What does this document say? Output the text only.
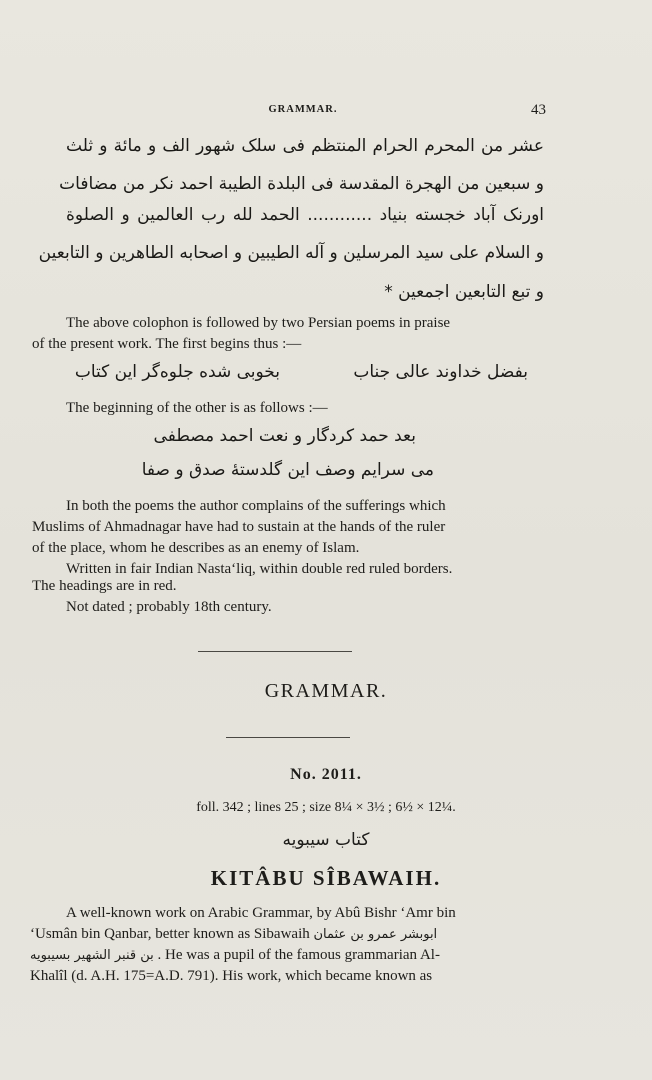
GRAMMAR.	43
عشر من المحرم الحرام المنتظم فی سلک شهور الف و مائة و ثلث
و سبعین من الهجرة المقدسة فی البلدة الطیبة احمد نکر من مضافات
اورنک آباد خجسته بنیاد ............ الحمد لله رب العالمین و الصلوة
و السلام علی سید المرسلین و آله الطیبین و اصحابه الطاهرین و التابعین
و تبع التابعین اجمعین *
The above colophon is followed by two Persian poems in praise
of the present work. The first begins thus :—
بفضل خداوند عالی جناب
بخوبی شده جلوه‌گر این کتاب
The beginning of the other is as follows :—
بعد حمد کردگار و نعت احمد مصطفی
می سرایم وصف این گلدستهٔ صدق و صفا
In both the poems the author complains of the sufferings which
Muslims of Ahmadnagar have had to sustain at the hands of the ruler
of the place, whom he describes as an enemy of Islam.
Written in fair Indian Nasta‘liq, within double red ruled borders.
The headings are in red.
Not dated ; probably 18th century.
GRAMMAR.
No. 2011.
foll. 342 ; lines 25 ; size 8¼ × 3½ ; 6½ × 12¼.
کتاب سیبویه
KITÂBU SÎBAWAIH.
A well-known work on Arabic Grammar, by Abû Bishr ‘Amr bin
‘Usmân bin Qanbar, better known as Sibawaih ابوبشر عمرو بن عثمان
بن قنبر الشهیر بسیبویه . He was a pupil of the famous grammarian Al-
Khalîl (d. A.H. 175=A.D. 791). His work, which became known as
